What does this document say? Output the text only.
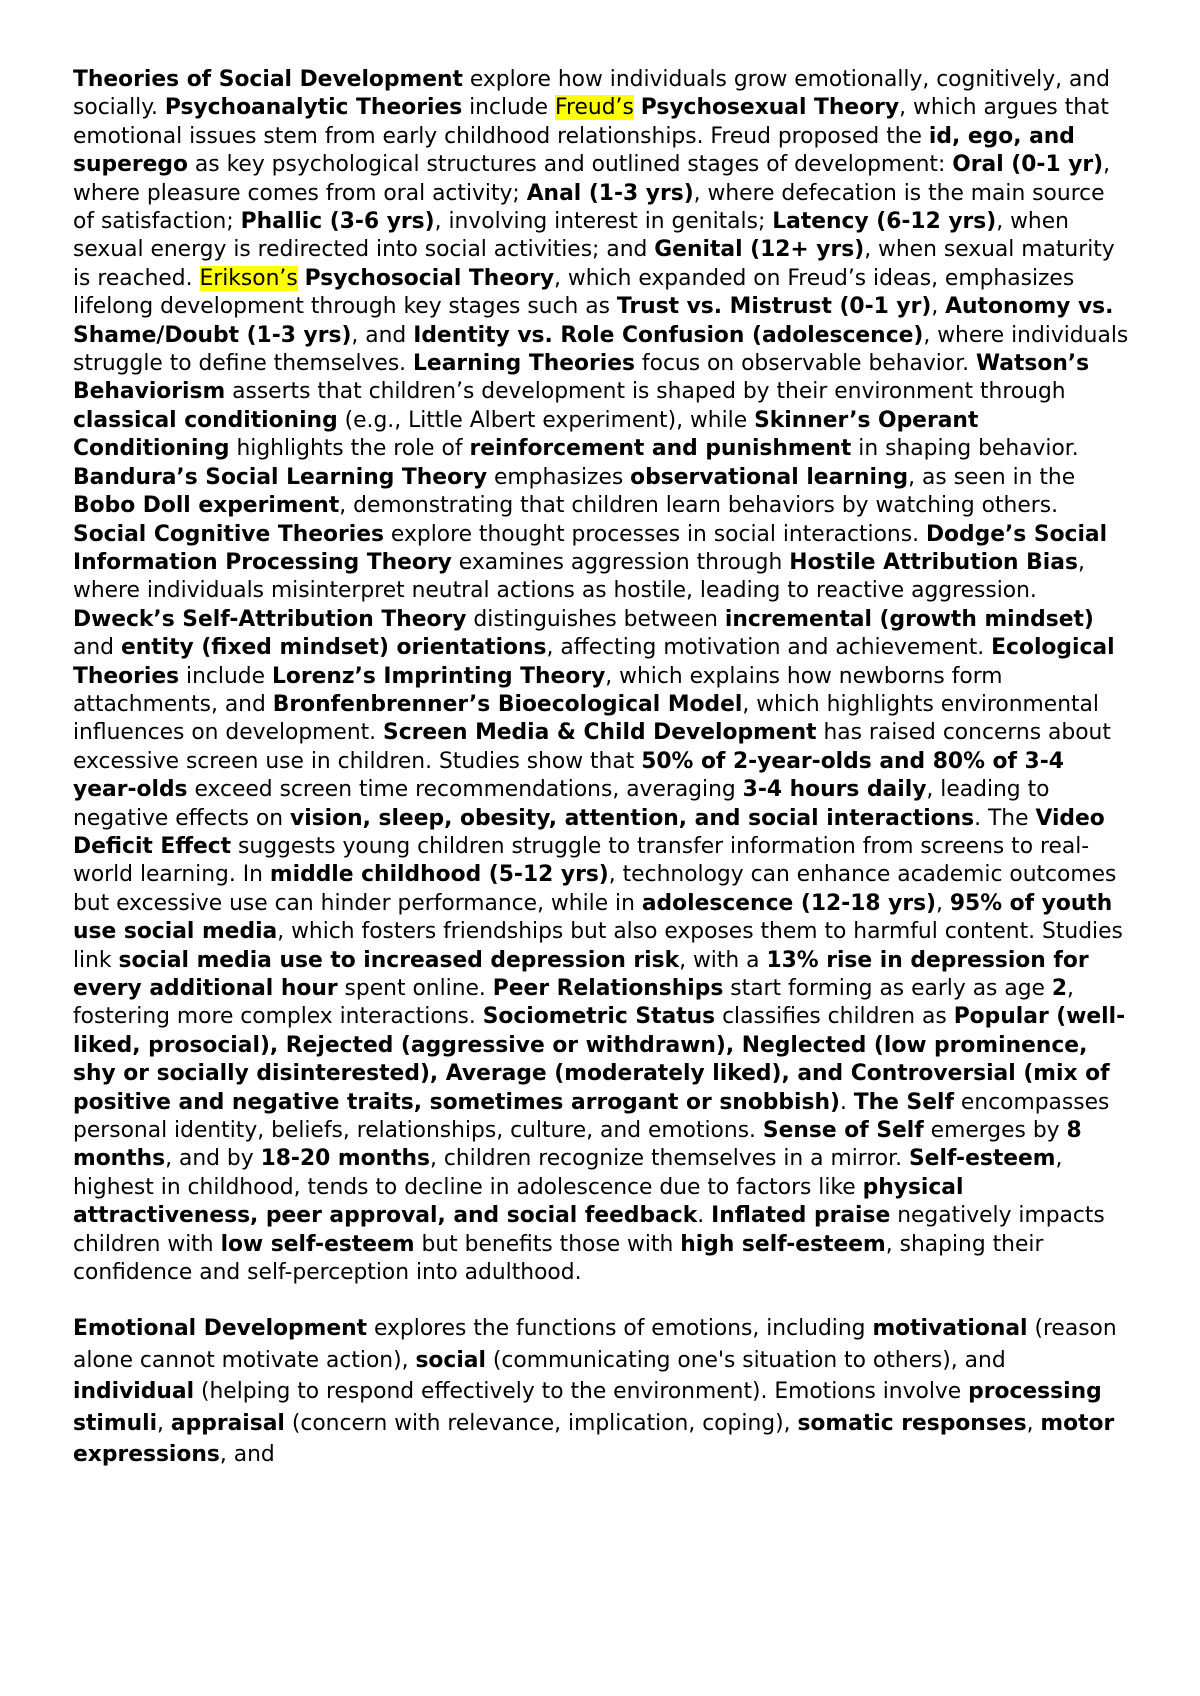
Theories of Social Development explore how individuals grow emotionally, cognitively, and socially. Psychoanalytic Theories include Freud’s Psychosexual Theory, which argues that emotional issues stem from early childhood relationships. Freud proposed the id, ego, and superego as key psychological structures and outlined stages of development: Oral (0-1 yr), where pleasure comes from oral activity; Anal (1-3 yrs), where defecation is the main source of satisfaction; Phallic (3-6 yrs), involving interest in genitals; Latency (6-12 yrs), when sexual energy is redirected into social activities; and Genital (12+ yrs), when sexual maturity is reached. Erikson’s Psychosocial Theory, which expanded on Freud’s ideas, emphasizes lifelong development through key stages such as Trust vs. Mistrust (0-1 yr), Autonomy vs. Shame/Doubt (1-3 yrs), and Identity vs. Role Confusion (adolescence), where individuals struggle to define themselves. Learning Theories focus on observable behavior. Watson’s Behaviorism asserts that children’s development is shaped by their environment through classical conditioning (e.g., Little Albert experiment), while Skinner’s Operant Conditioning highlights the role of reinforcement and punishment in shaping behavior. Bandura’s Social Learning Theory emphasizes observational learning, as seen in the Bobo Doll experiment, demonstrating that children learn behaviors by watching others. Social Cognitive Theories explore thought processes in social interactions. Dodge’s Social Information Processing Theory examines aggression through Hostile Attribution Bias, where individuals misinterpret neutral actions as hostile, leading to reactive aggression. Dweck’s Self-Attribution Theory distinguishes between incremental (growth mindset) and entity (fixed mindset) orientations, affecting motivation and achievement. Ecological Theories include Lorenz’s Imprinting Theory, which explains how newborns form attachments, and Bronfenbrenner’s Bioecological Model, which highlights environmental influences on development. Screen Media & Child Development has raised concerns about excessive screen use in children. Studies show that 50% of 2-year-olds and 80% of 3-4 year-olds exceed screen time recommendations, averaging 3-4 hours daily, leading to negative effects on vision, sleep, obesity, attention, and social interactions. The Video Deficit Effect suggests young children struggle to transfer information from screens to real-world learning. In middle childhood (5-12 yrs), technology can enhance academic outcomes but excessive use can hinder performance, while in adolescence (12-18 yrs), 95% of youth use social media, which fosters friendships but also exposes them to harmful content. Studies link social media use to increased depression risk, with a 13% rise in depression for every additional hour spent online. Peer Relationships start forming as early as age 2, fostering more complex interactions. Sociometric Status classifies children as Popular (well-liked, prosocial), Rejected (aggressive or withdrawn), Neglected (low prominence, shy or socially disinterested), Average (moderately liked), and Controversial (mix of positive and negative traits, sometimes arrogant or snobbish). The Self encompasses personal identity, beliefs, relationships, culture, and emotions. Sense of Self emerges by 8 months, and by 18-20 months, children recognize themselves in a mirror. Self-esteem, highest in childhood, tends to decline in adolescence due to factors like physical attractiveness, peer approval, and social feedback. Inflated praise negatively impacts children with low self-esteem but benefits those with high self-esteem, shaping their confidence and self-perception into adulthood.

Emotional Development explores the functions of emotions, including motivational (reason alone cannot motivate action), social (communicating one's situation to others), and individual (helping to respond effectively to the environment). Emotions involve processing stimuli, appraisal (concern with relevance, implication, coping), somatic responses, motor expressions, and
